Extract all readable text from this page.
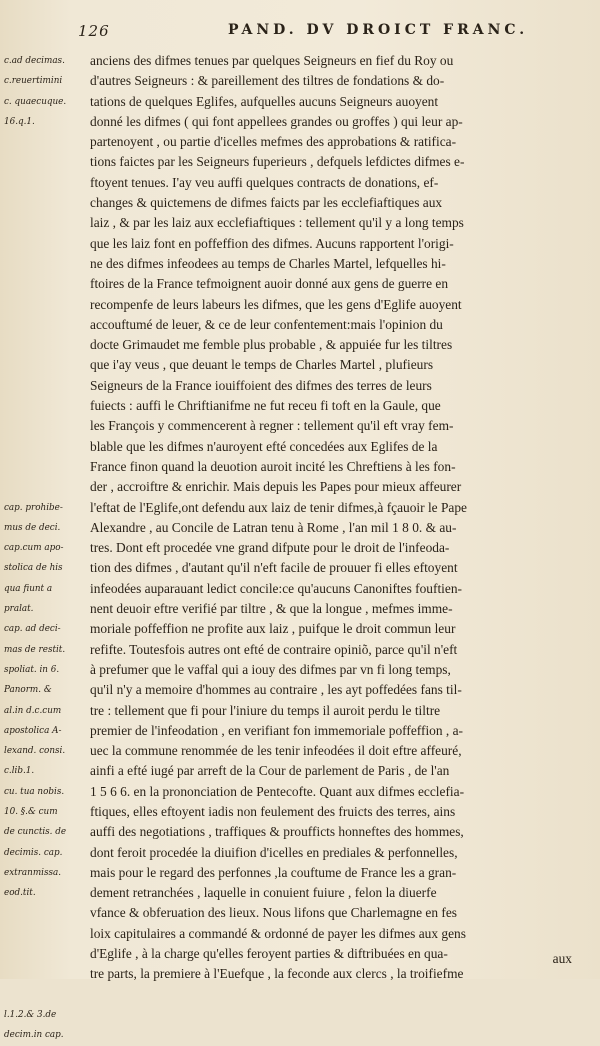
126	PAND. DV DROICT FRANC.
c.ad decimas.
c.reuertimini
c. quaecuque.
16.q.1.
cap. prohibe-
mus de deci.
cap.cum apo-
stolica de his
qua fiunt a
pralat.
cap. ad deci-
mas de restit.
spoliat. in 6.
Panorm. &
al.in d.c.cum
apostolica A-
lexand. consi.
c.lib.1.
cu. tua nobis.
10. §.& cum
de cunctis. de
decimis. cap.
extranmissa.
eod.tit.
l.1.2.& 3.de
decim.in cap.
anciens des difmes tenues par quelques Seigneurs en fief du Roy ou
d'autres Seigneurs : & pareillement des tiltres de fondations & do-
tations de quelques Eglifes, aufquelles aucuns Seigneurs auoyent
donné les difmes ( qui font appellees grandes ou groffes ) qui leur ap-
partenoyent , ou partie d'icelles mefmes des approbations & ratifica-
tions faictes par les Seigneurs fuperieurs , defquels lefdictes difmes e-
ftoyent tenues. I'ay veu auffi quelques contracts de donations, ef-
changes & quictemens de difmes faicts par les ecclefiaftiques aux
laiz , & par les laiz aux ecclefiaftiques : tellement qu'il y a long temps
que les laiz font en poffeffion des difmes. Aucuns rapportent l'origi-
ne des difmes infeodees au temps de Charles Martel, lefquelles hi-
ftoires de la France tefmoignent auoir donné aux gens de guerre en
recompenfe de leurs labeurs les difmes, que les gens d'Eglife auoyent
accouftumé de leuer, & ce de leur confentement:mais l'opinion du
docte Grimaudet me femble plus probable , & appuiée fur les tiltres
que i'ay veus , que deuant le temps de Charles Martel , plufieurs
Seigneurs de la France iouiffoient des difmes des terres de leurs
fuiects : auffi le Chriftianifme ne fut receu fi toft en la Gaule, que
les François y commencerent à regner : tellement qu'il eft vray fem-
blable que les difmes n'auroyent efté concedées aux Eglifes de la
France finon quand la deuotion auroit incité les Chreftiens à les fon-
der , accroiftre & enrichir. Mais depuis les Papes pour mieux affeurer
l'eftat de l'Eglife,ont defendu aux laiz de tenir difmes,à fçauoir le Pape
Alexandre , au Concile de Latran tenu à Rome , l'an mil 1 8 0. & au-
tres. Dont eft procedée vne grand difpute pour le droit de l'infeoda-
tion des difmes , d'autant qu'il n'eft facile de prouuer fi elles eftoyent
infeodées auparauant ledict concile:ce qu'aucuns Canoniftes fouftien-
nent deuoir eftre verifié par tiltre , & que la longue , mefmes imme-
moriale poffeffion ne profite aux laiz , puifque le droit commun leur
refifte. Toutesfois autres ont efté de contraire opiniõ, parce qu'il n'eft
à prefumer que le vaffal qui a iouy des difmes par vn fi long temps,
qu'il n'y a memoire d'hommes au contraire , les ayt poffedées fans til-
tre : tellement que fi pour l'iniure du temps il auroit perdu le tiltre
premier de l'infeodation , en verifiant fon immemoriale poffeffion , a-
uec la commune renommée de les tenir infeodées il doit eftre affeuré,
ainfi a efté iugé par arreft de la Cour de parlement de Paris , de l'an
1 5 6 6. en la prononciation de Pentecofte. Quant aux difmes ecclefia-
ftiques, elles eftoyent iadis non feulement des fruicts des terres, ains
auffi des negotiations , traffiques & proufficts honneftes des hommes,
dont feroit procedée la diuifion d'icelles en prediales & perfonnelles,
mais pour le regard des perfonnes ,la couftume de France les a gran-
dement retranchées , laquelle in conuient fuiure , felon la diuerfe
vfance & obferuation des lieux. Nous lifons que Charlemagne en fes
loix capitulaires a commandé & ordonné de payer les difmes aux gens
d'Eglife , à la charge qu'elles feroyent parties & diftribuées en qua-
tre parts, la premiere à l'Euefque , la feconde aux clercs , la troifiefme
aux
